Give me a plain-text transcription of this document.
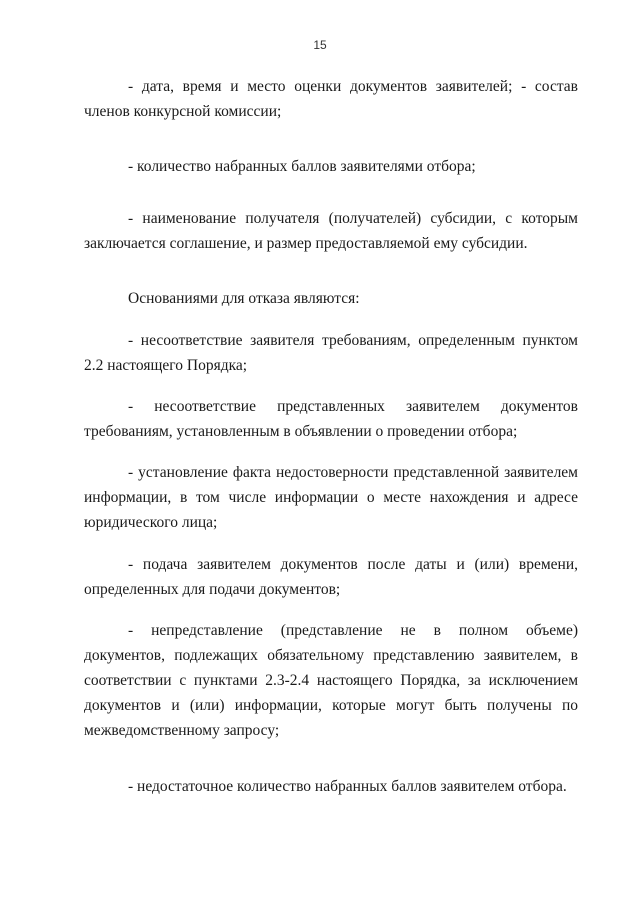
15

- дата, время и место оценки документов заявителей; - состав членов конкурсной комиссии;

- количество набранных баллов заявителями отбора;

- наименование получателя (получателей) субсидии, с которым заключается соглашение, и размер предоставляемой ему субсидии.

Основаниями для отказа являются:

- несоответствие заявителя требованиям, определенным пунктом 2.2 настоящего Порядка;

- несоответствие представленных заявителем документов требованиям, установленным в объявлении о проведении отбора;

- установление факта недостоверности представленной заявителем информации, в том числе информации о месте нахождения и адресе юридического лица;

- подача заявителем документов после даты и (или) времени, определенных для подачи документов;

- непредставление (представление не в полном объеме) документов, подлежащих обязательному представлению заявителем, в соответствии с пунктами 2.3-2.4 настоящего Порядка, за исключением документов и (или) информации, которые могут быть получены по межведомственному запросу;

- недостаточное количество набранных баллов заявителем отбора.
